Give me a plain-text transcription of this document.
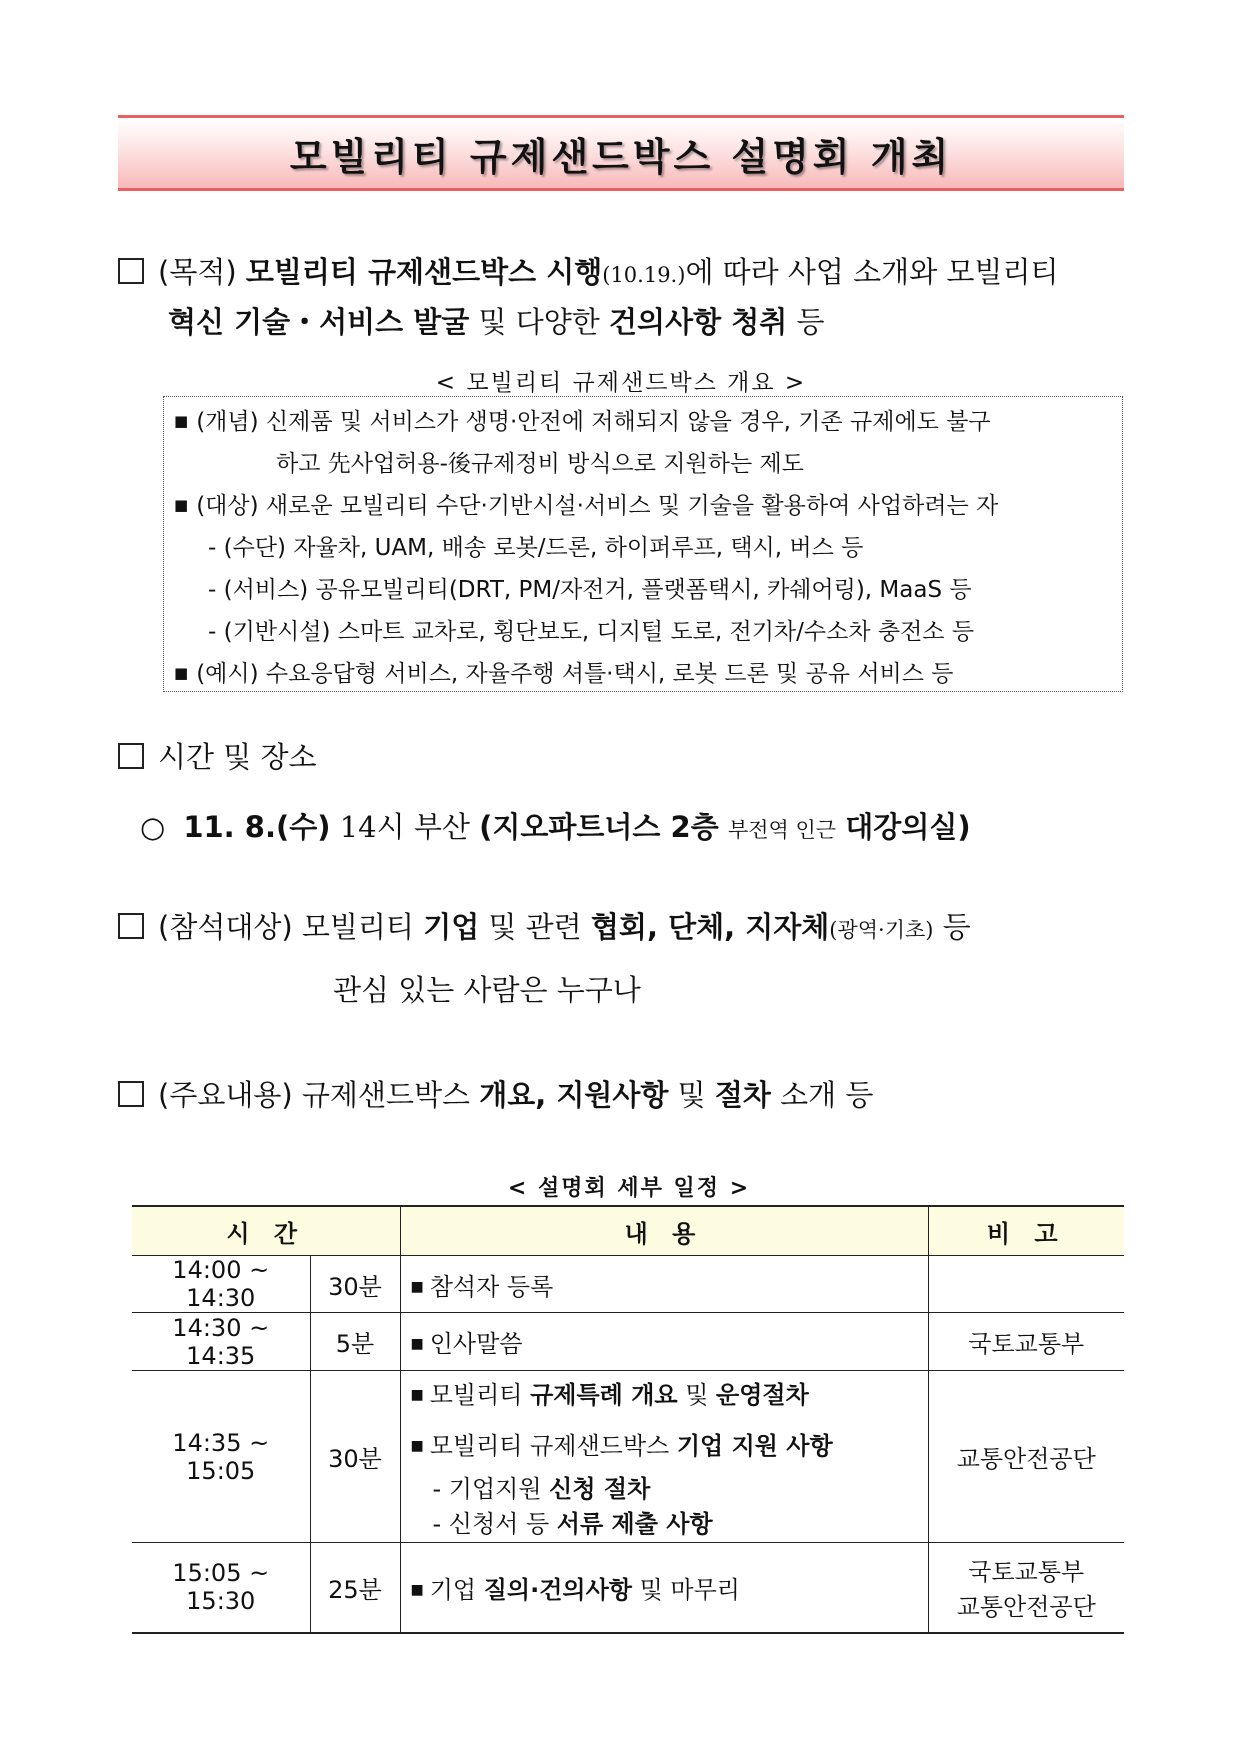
모빌리티 규제샌드박스 설명회 개최
(목적) 모빌리티 규제샌드박스 시행(10.19.)에 따라 사업 소개와 모빌리티
혁신 기술・서비스 발굴 및 다양한 건의사항 청취 등
< 모빌리티 규제샌드박스 개요 >
■ (개념) 신제품 및 서비스가 생명·안전에 저해되지 않을 경우, 기존 규제에도 불구
하고 先사업허용-後규제정비 방식으로 지원하는 제도
■ (대상) 새로운 모빌리티 수단·기반시설·서비스 및 기술을 활용하여 사업하려는 자
- (수단) 자율차, UAM, 배송 로봇/드론, 하이퍼루프, 택시, 버스 등
- (서비스) 공유모빌리티(DRT, PM/자전거, 플랫폼택시, 카쉐어링), MaaS 등
- (기반시설) 스마트 교차로, 횡단보도, 디지털 도로, 전기차/수소차 충전소 등
■ (예시) 수요응답형 서비스, 자율주행 셔틀·택시, 로봇 드론 및 공유 서비스 등
시간 및 장소
○ 11. 8.(수) 14시 부산 (지오파트너스 2층 부전역 인근 대강의실)
(참석대상) 모빌리티 기업 및 관련 협회, 단체, 지자체(광역·기초) 등
관심 있는 사람은 누구나
(주요내용) 규제샌드박스 개요, 지원사항 및 절차 소개 등
< 설명회 세부 일정 >
시 간		내 용	비 고
14:00 ~ 14:30	30분	■ 참석자 등록	
14:30 ~ 14:35	5분	■ 인사말씀	국토교통부
14:35 ~ 15:05	30분	■ 모빌리티 규제특례 개요 및 운영절차
■ 모빌리티 규제샌드박스 기업 지원 사항
- 기업지원 신청 절차
- 신청서 등 서류 제출 사항	교통안전공단
15:05 ~ 15:30	25분	■ 기업 질의·건의사항 및 마무리	국토교통부
교통안전공단
